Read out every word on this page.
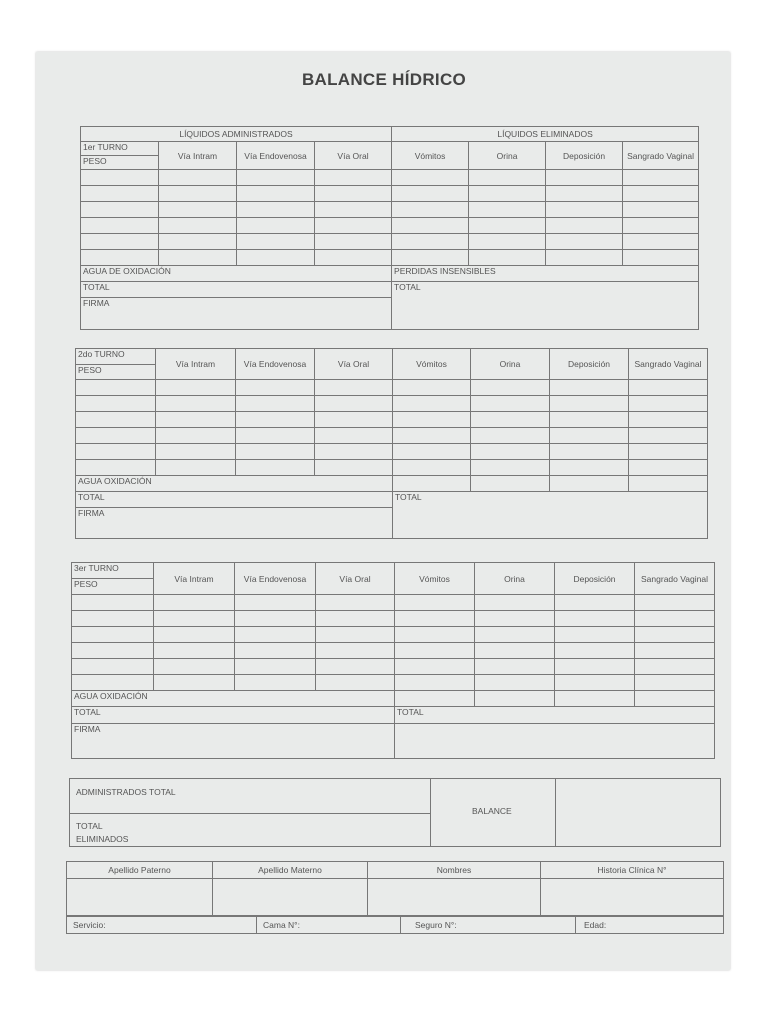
BALANCE HÍDRICO
LÍQUIDOS ADMINISTRADOS				LÍQUIDOS ELIMINADOS			
1er TURNO	Vía Intram	Vía Endovenosa	Vía Oral	Vómitos	Orina	Deposición	Sangrado Vaginal
PESO							

AGUA DE OXIDACIÓN				PERDIDAS INSENSIBLES			
TOTAL				TOTAL			
FIRMA							
2do TURNO	Vía Intram	Vía Endovenosa	Vía Oral	Vómitos	Orina	Deposición	Sangrado Vaginal
PESO							

AGUA OXIDACIÓN							
TOTAL				TOTAL			
FIRMA							
3er TURNO	Vía Intram	Vía Endovenosa	Vía Oral	Vómitos	Orina	Deposición	Sangrado Vaginal
PESO							

AGUA OXIDACIÓN							
TOTAL				TOTAL			
FIRMA							
ADMINISTRADOS TOTAL
TOTAL ELIMINADOS
BALANCE
Apellido Paterno	Apellido Materno	Nombres	Historia Clínica N°

Servicio:	Cama N°:	Seguro N°:	Edad:
